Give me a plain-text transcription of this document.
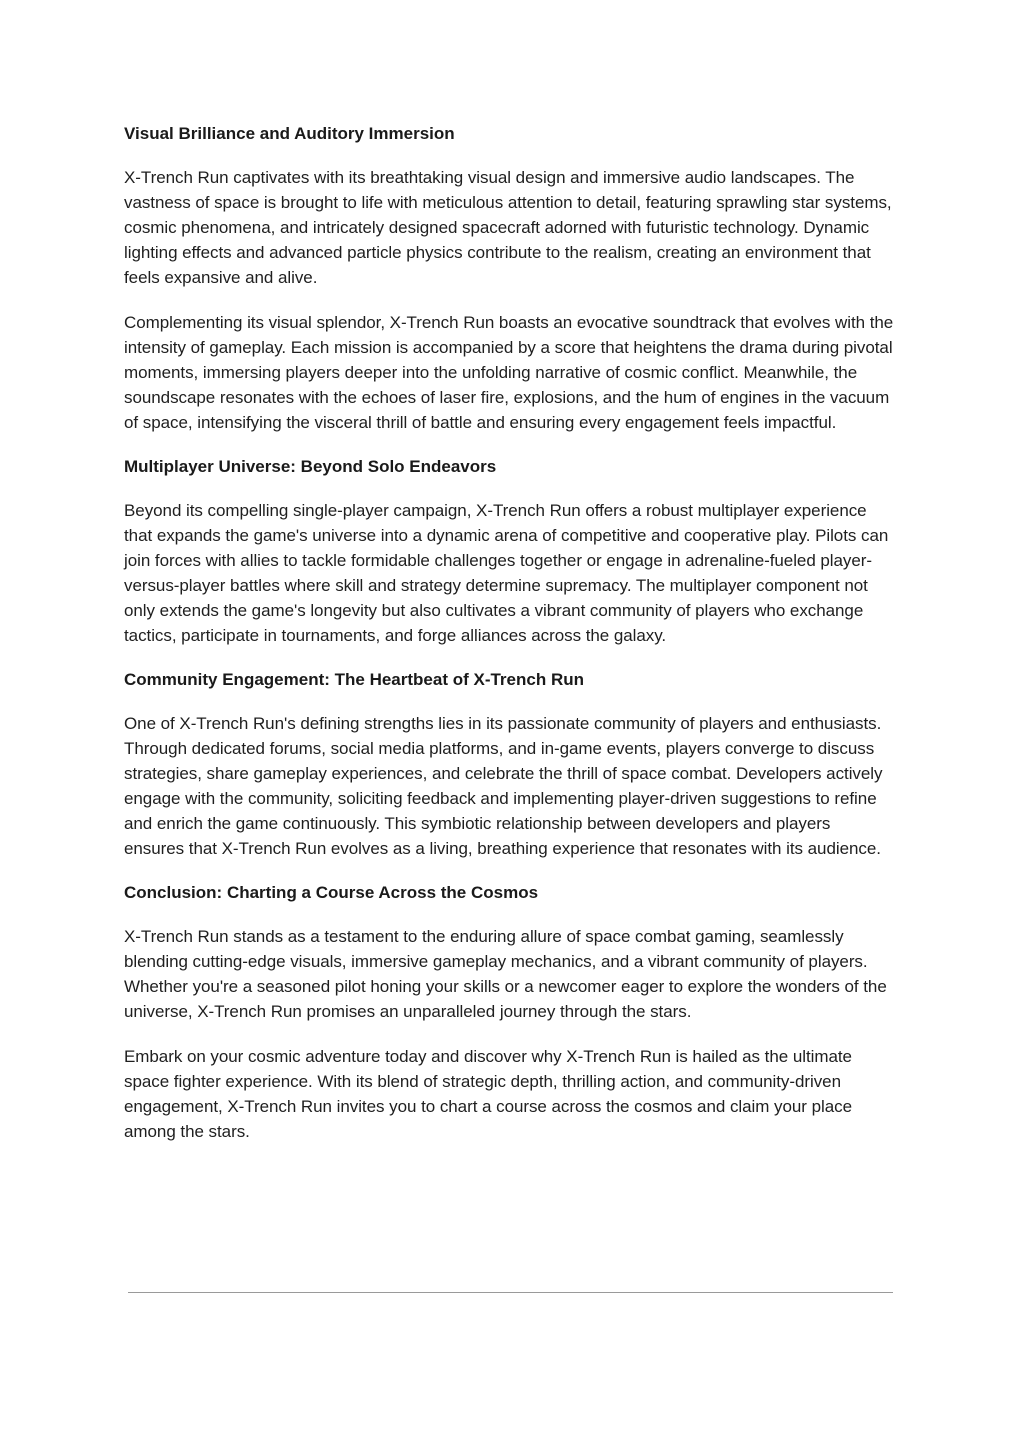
Visual Brilliance and Auditory Immersion

X-Trench Run captivates with its breathtaking visual design and immersive audio landscapes. The vastness of space is brought to life with meticulous attention to detail, featuring sprawling star systems, cosmic phenomena, and intricately designed spacecraft adorned with futuristic technology. Dynamic lighting effects and advanced particle physics contribute to the realism, creating an environment that feels expansive and alive.

Complementing its visual splendor, X-Trench Run boasts an evocative soundtrack that evolves with the intensity of gameplay. Each mission is accompanied by a score that heightens the drama during pivotal moments, immersing players deeper into the unfolding narrative of cosmic conflict. Meanwhile, the soundscape resonates with the echoes of laser fire, explosions, and the hum of engines in the vacuum of space, intensifying the visceral thrill of battle and ensuring every engagement feels impactful.

Multiplayer Universe: Beyond Solo Endeavors

Beyond its compelling single-player campaign, X-Trench Run offers a robust multiplayer experience that expands the game's universe into a dynamic arena of competitive and cooperative play. Pilots can join forces with allies to tackle formidable challenges together or engage in adrenaline-fueled player-versus-player battles where skill and strategy determine supremacy. The multiplayer component not only extends the game's longevity but also cultivates a vibrant community of players who exchange tactics, participate in tournaments, and forge alliances across the galaxy.

Community Engagement: The Heartbeat of X-Trench Run

One of X-Trench Run's defining strengths lies in its passionate community of players and enthusiasts. Through dedicated forums, social media platforms, and in-game events, players converge to discuss strategies, share gameplay experiences, and celebrate the thrill of space combat. Developers actively engage with the community, soliciting feedback and implementing player-driven suggestions to refine and enrich the game continuously. This symbiotic relationship between developers and players ensures that X-Trench Run evolves as a living, breathing experience that resonates with its audience.

Conclusion: Charting a Course Across the Cosmos

X-Trench Run stands as a testament to the enduring allure of space combat gaming, seamlessly blending cutting-edge visuals, immersive gameplay mechanics, and a vibrant community of players. Whether you're a seasoned pilot honing your skills or a newcomer eager to explore the wonders of the universe, X-Trench Run promises an unparalleled journey through the stars.

Embark on your cosmic adventure today and discover why X-Trench Run is hailed as the ultimate space fighter experience. With its blend of strategic depth, thrilling action, and community-driven engagement, X-Trench Run invites you to chart a course across the cosmos and claim your place among the stars.
